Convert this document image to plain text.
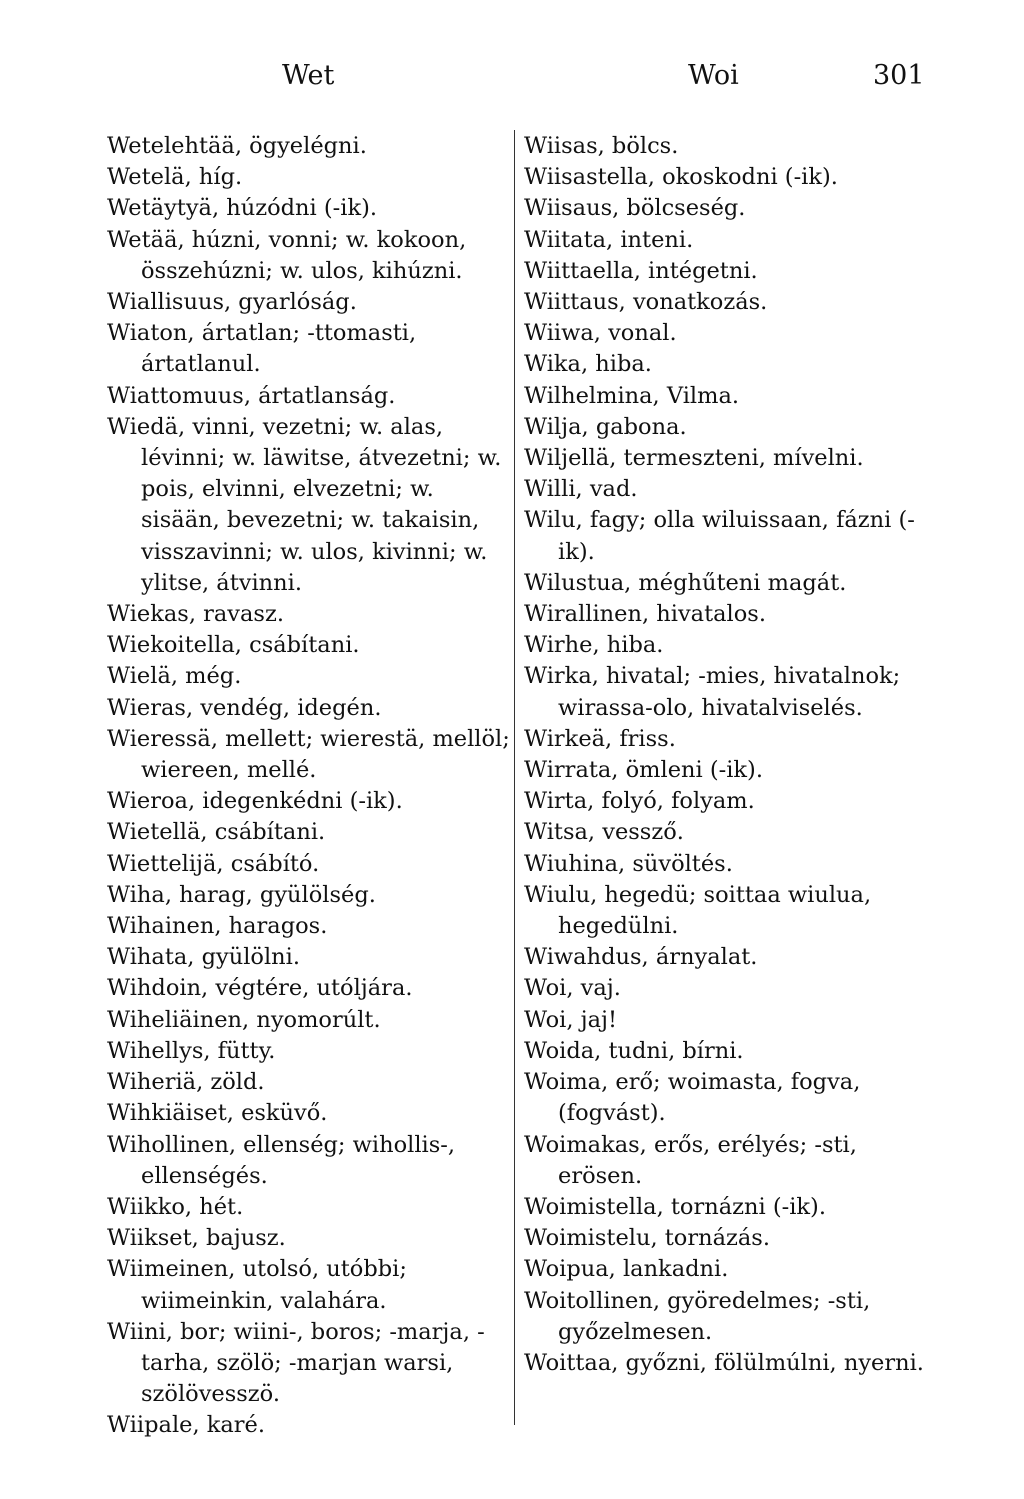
Wet	Woi	301
Wetelehtää, ögyelégni.
Wetelä, híg.
Wetäytyä, húzódni (-ik).
Wetää, húzni, vonni; w. kokoon, összehúzni; w. ulos, kihúzni.
Wiallisuus, gyarlóság.
Wiaton, ártatlan; -ttomasti, ártatlanul.
Wiattomuus, ártatlanság.
Wiedä, vinni, vezetni; w. alas, lévinni; w. läwitse, átvezetni; w. pois, elvinni, elvezetni; w. sisään, bevezetni; w. takaisin, visszavinni; w. ulos, kivinni; w. ylitse, átvinni.
Wiekas, ravasz.
Wiekoitella, csábítani.
Wielä, még.
Wieras, vendég, idegén.
Wieressä, mellett; wierestä, mellöl; wiereen, mellé.
Wieroa, idegenkédni (-ik).
Wietellä, csábítani.
Wiettelijä, csábító.
Wiha, harag, gyülölség.
Wihainen, haragos.
Wihata, gyülölni.
Wihdoin, végtére, utóljára.
Wiheliäinen, nyomorúlt.
Wihellys, fütty.
Wiheriä, zöld.
Wihkiäiset, esküvő.
Wihollinen, ellenség; wihollis-, ellenségés.
Wiikko, hét.
Wiikset, bajusz.
Wiimeinen, utolsó, utóbbi; wiimeinkin, valahára.
Wiini, bor; wiini-, boros; -marja, -tarha, szölö; -marjan warsi, szölövesszö.
Wiipale, karé.
Wiisas, bölcs.
Wiisastella, okoskodni (-ik).
Wiisaus, bölcseség.
Wiitata, inteni.
Wiittaella, intégetni.
Wiittaus, vonatkozás.
Wiiwa, vonal.
Wika, hiba.
Wilhelmina, Vilma.
Wilja, gabona.
Wiljellä, termeszteni, mívelni.
Willi, vad.
Wilu, fagy; olla wiluissaan, fázni (-ik).
Wilustua, méghűteni magát.
Wirallinen, hivatalos.
Wirhe, hiba.
Wirka, hivatal; -mies, hivatalnok; wirassa-olo, hivatalviselés.
Wirkeä, friss.
Wirrata, ömleni (-ik).
Wirta, folyó, folyam.
Witsa, vessző.
Wiuhina, süvöltés.
Wiulu, hegedü; soittaa wiulua, hegedülni.
Wiwahdus, árnyalat.
Woi, vaj.
Woi, jaj!
Woida, tudni, bírni.
Woima, erő; woimasta, fogva, (fogvást).
Woimakas, erős, erélyés; -sti, erösen.
Woimistella, tornázni (-ik).
Woimistelu, tornázás.
Woipua, lankadni.
Woitollinen, györedelmes; -sti, győzelmesen.
Woittaa, győzni, fölülmúlni, nyerni.
